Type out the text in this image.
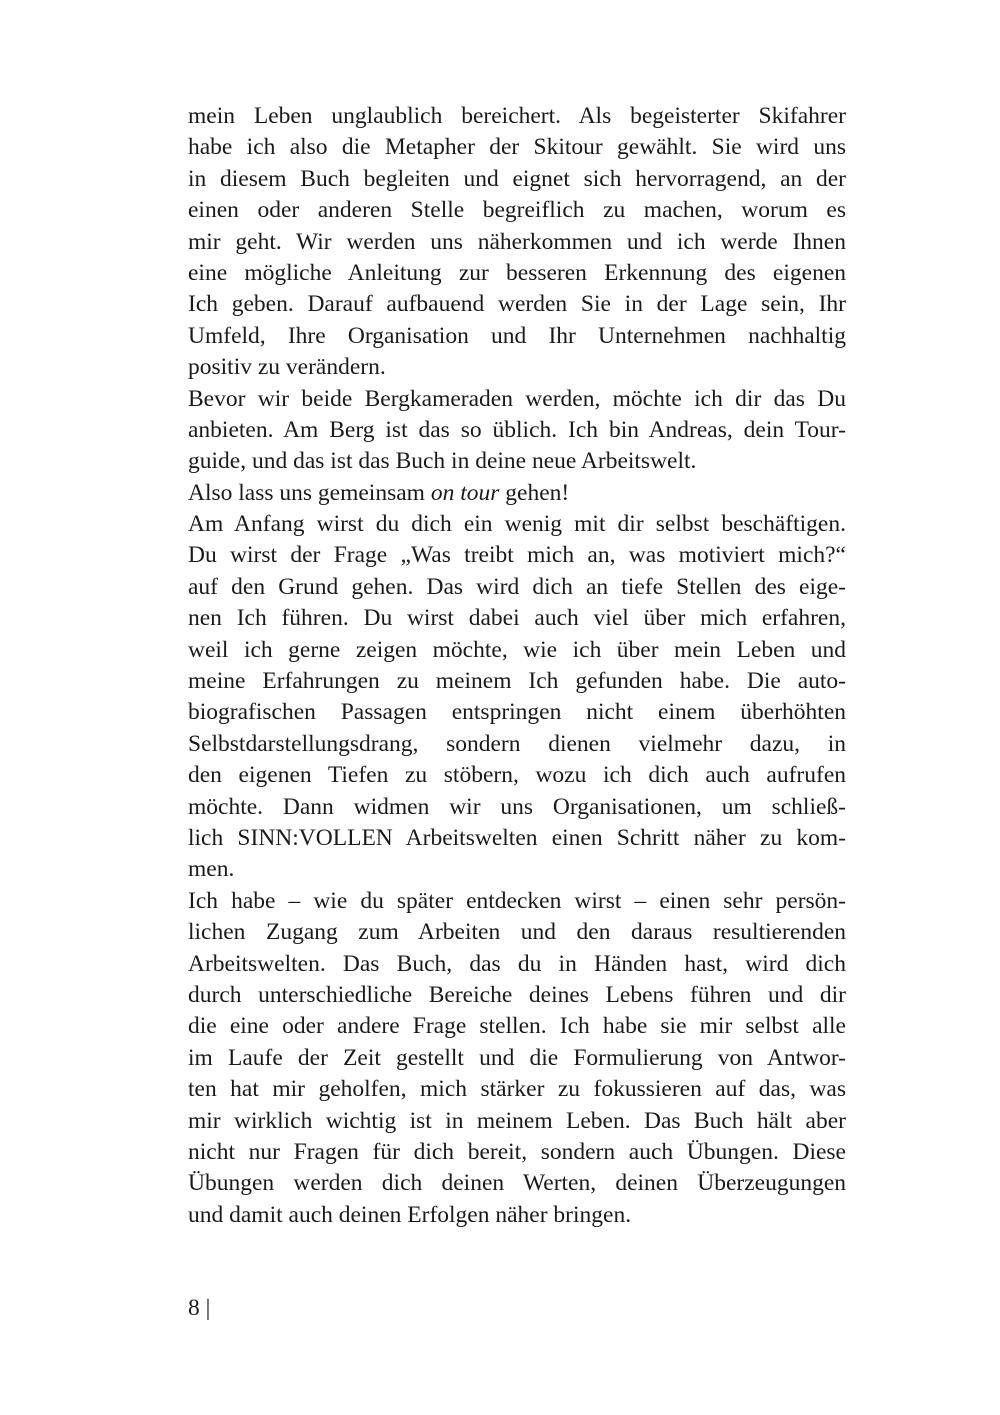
mein Leben unglaublich bereichert. Als begeisterter Skifahrer
habe ich also die Metapher der Skitour gewählt. Sie wird uns
in diesem Buch begleiten und eignet sich hervorragend, an der
einen oder anderen Stelle begreiflich zu machen, worum es
mir geht. Wir werden uns näherkommen und ich werde Ihnen
eine mögliche Anleitung zur besseren Erkennung des eigenen
Ich geben. Darauf aufbauend werden Sie in der Lage sein, Ihr
Umfeld, Ihre Organisation und Ihr Unternehmen nachhaltig
positiv zu verändern.
Bevor wir beide Bergkameraden werden, möchte ich dir das Du
anbieten. Am Berg ist das so üblich. Ich bin Andreas, dein Tour-
guide, und das ist das Buch in deine neue Arbeitswelt.
Also lass uns gemeinsam on tour gehen!
Am Anfang wirst du dich ein wenig mit dir selbst beschäftigen.
Du wirst der Frage „Was treibt mich an, was motiviert mich?“
auf den Grund gehen. Das wird dich an tiefe Stellen des eige-
nen Ich führen. Du wirst dabei auch viel über mich erfahren,
weil ich gerne zeigen möchte, wie ich über mein Leben und
meine Erfahrungen zu meinem Ich gefunden habe. Die auto-
biografischen Passagen entspringen nicht einem überhöhten
Selbstdarstellungsdrang, sondern dienen vielmehr dazu, in
den eigenen Tiefen zu stöbern, wozu ich dich auch aufrufen
möchte. Dann widmen wir uns Organisationen, um schließ-
lich SINN:VOLLEN Arbeitswelten einen Schritt näher zu kom-
men.
Ich habe – wie du später entdecken wirst – einen sehr persön-
lichen Zugang zum Arbeiten und den daraus resultierenden
Arbeitswelten. Das Buch, das du in Händen hast, wird dich
durch unterschiedliche Bereiche deines Lebens führen und dir
die eine oder andere Frage stellen. Ich habe sie mir selbst alle
im Laufe der Zeit gestellt und die Formulierung von Antwor-
ten hat mir geholfen, mich stärker zu fokussieren auf das, was
mir wirklich wichtig ist in meinem Leben. Das Buch hält aber
nicht nur Fragen für dich bereit, sondern auch Übungen. Diese
Übungen werden dich deinen Werten, deinen Überzeugungen
und damit auch deinen Erfolgen näher bringen.
8 |
